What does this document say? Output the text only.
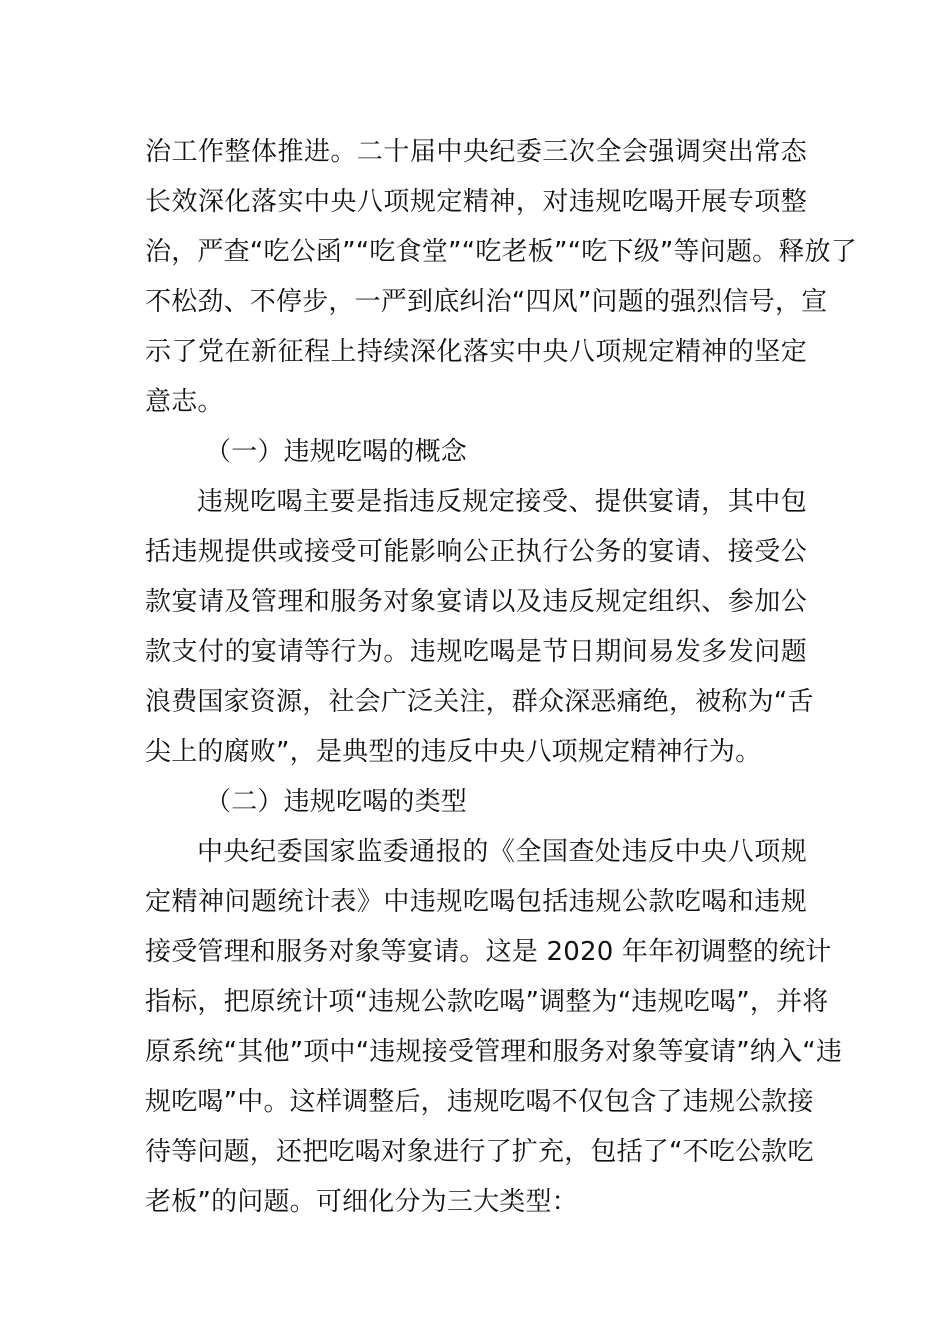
治工作整体推进。二十届中央纪委三次全会强调突出常态
长效深化落实中央八项规定精神，对违规吃喝开展专项整
治，严查“吃公函”“吃食堂”“吃老板”“吃下级”等问题。释放了
不松劲、不停步，一严到底纠治“四风”问题的强烈信号，宣
示了党在新征程上持续深化落实中央八项规定精神的坚定
意志。
（一）违规吃喝的概念
违规吃喝主要是指违反规定接受、提供宴请，其中包
括违规提供或接受可能影响公正执行公务的宴请、接受公
款宴请及管理和服务对象宴请以及违反规定组织、参加公
款支付的宴请等行为。违规吃喝是节日期间易发多发问题
浪费国家资源，社会广泛关注，群众深恶痛绝，被称为“舌
尖上的腐败”，是典型的违反中央八项规定精神行为。
（二）违规吃喝的类型
中央纪委国家监委通报的《全国查处违反中央八项规
定精神问题统计表》中违规吃喝包括违规公款吃喝和违规
接受管理和服务对象等宴请。这是 2020 年年初调整的统计
指标，把原统计项“违规公款吃喝”调整为“违规吃喝”，并将
原系统“其他”项中“违规接受管理和服务对象等宴请”纳入“违
规吃喝”中。这样调整后，违规吃喝不仅包含了违规公款接
待等问题，还把吃喝对象进行了扩充，包括了“不吃公款吃
老板”的问题。可细化分为三大类型：
